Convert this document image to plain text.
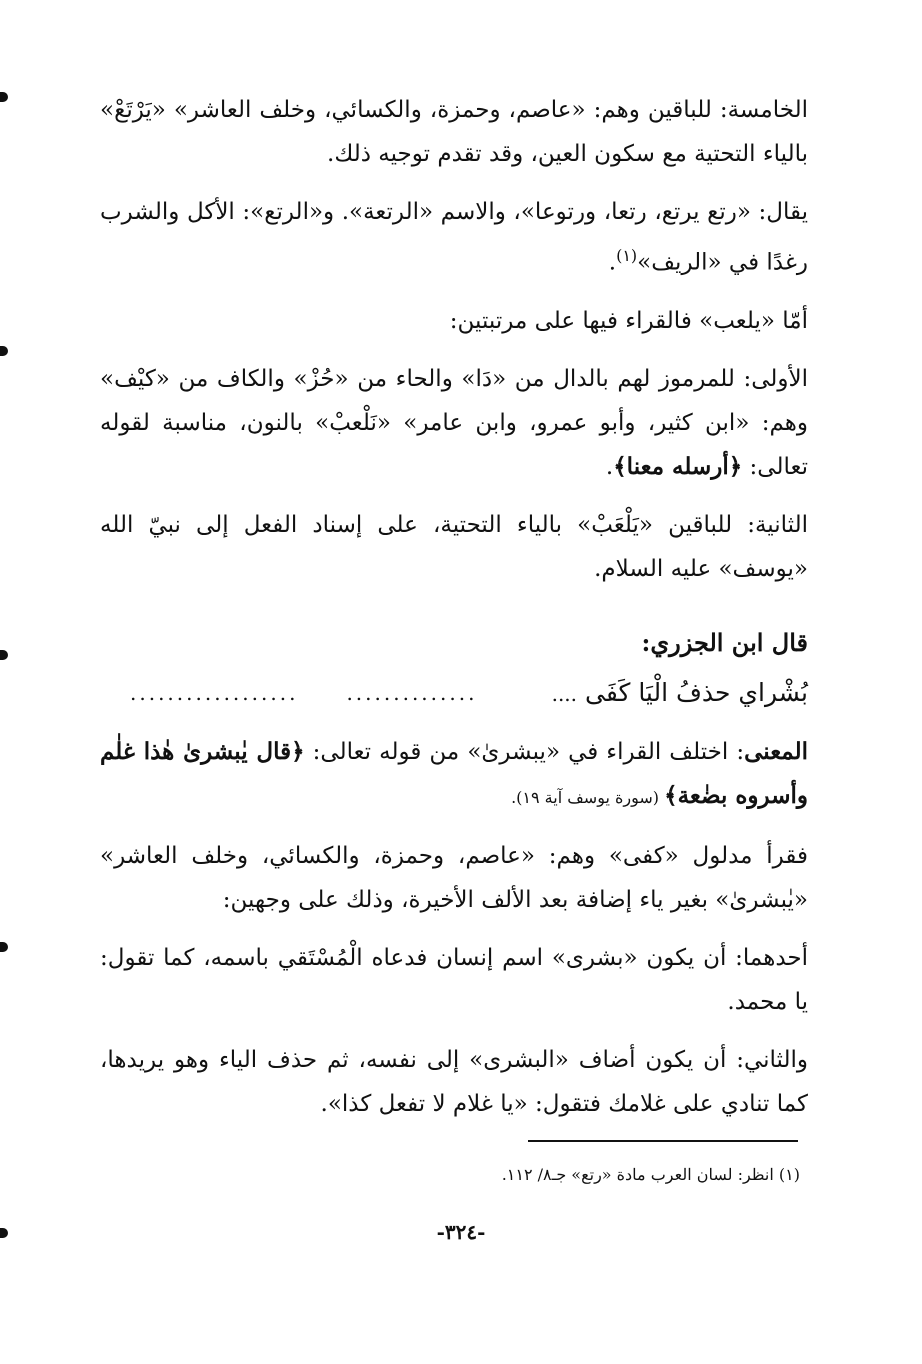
الخامسة: للباقين وهم: «عاصم، وحمزة، والكسائي، وخلف العاشر» «يَرْتَعْ» بالياء التحتية مع سكون العين، وقد تقدم توجيه ذلك.

يقال: «رتع يرتع، رتعا، ورتوعا»، والاسم «الرتعة». و«الرتع»: الأكل والشرب رغدًا في «الريف»$^{(١)}$.

أمّا «يلعب» فالقراء فيها على مرتبتين:

الأولى: للمرموز لهم بالدال من «دَا» والحاء من «حُزْ» والكاف من «كيْف» وهم: «ابن كثير، وأبو عمرو، وابن عامر» «نَلْعبْ» بالنون، مناسبة لقوله تعالى: ﴿أرسله معنا﴾.

الثانية: للباقين «يَلْعَبْ» بالياء التحتية، على إسناد الفعل إلى نبيّ الله «يوسف» عليه السلام.

قال ابن الجزري:
بُشْراي حذفُ الْيَا كَفَى ....
..............
..................

المعنى: اختلف القراء في «يبشرىٰ» من قوله تعالى: ﴿قال يٰبشرىٰ هٰذا غلٰم وأسروه بضٰعة﴾ (سورة يوسف آية ١٩).

فقرأ مدلول «كفى» وهم: «عاصم، وحمزة، والكسائي، وخلف العاشر» «يٰبشرىٰ» بغير ياء إضافة بعد الألف الأخيرة، وذلك على وجهين:

أحدهما: أن يكون «بشرى» اسم إنسان فدعاه الْمُسْتَقي باسمه، كما تقول: يا محمد.

والثاني: أن يكون أضاف «البشرى» إلى نفسه، ثم حذف الياء وهو يريدها، كما تنادي على غلامك فتقول: «يا غلام لا تفعل كذا».

(١) انظر: لسان العرب مادة «رتع» جـ٨/ ١١٢.
-٣٢٤-
